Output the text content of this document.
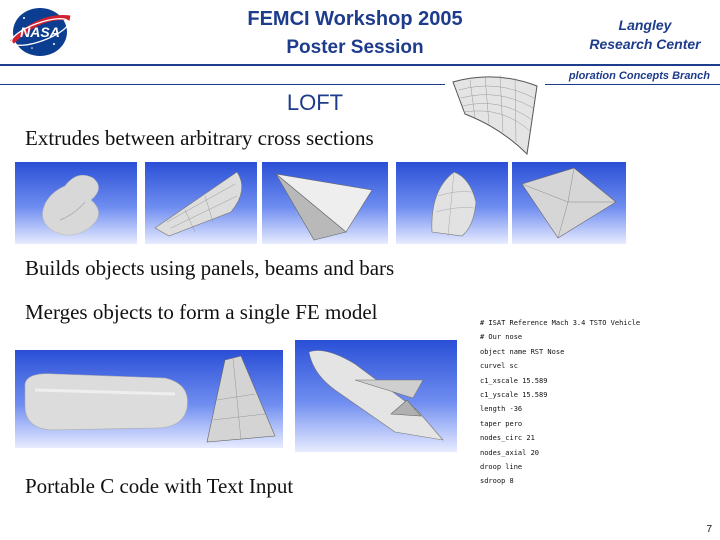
NASA
FEMCI Workshop 2005
Poster Session
Langley
Research Center
ploration Concepts Branch
LOFT
Extrudes between arbitrary cross sections
Builds objects using panels, beams and bars
Merges objects to form a single FE model
Portable C code with Text Input
# ISAT Reference Mach 3.4 TSTO Vehicle
# Our nose
object name RST Nose
curvel sc
c1_xscale 15.589
c1_yscale 15.589
length -36
taper pero
nodes_circ 21
nodes_axial 20
droop line
sdroop 8
7
